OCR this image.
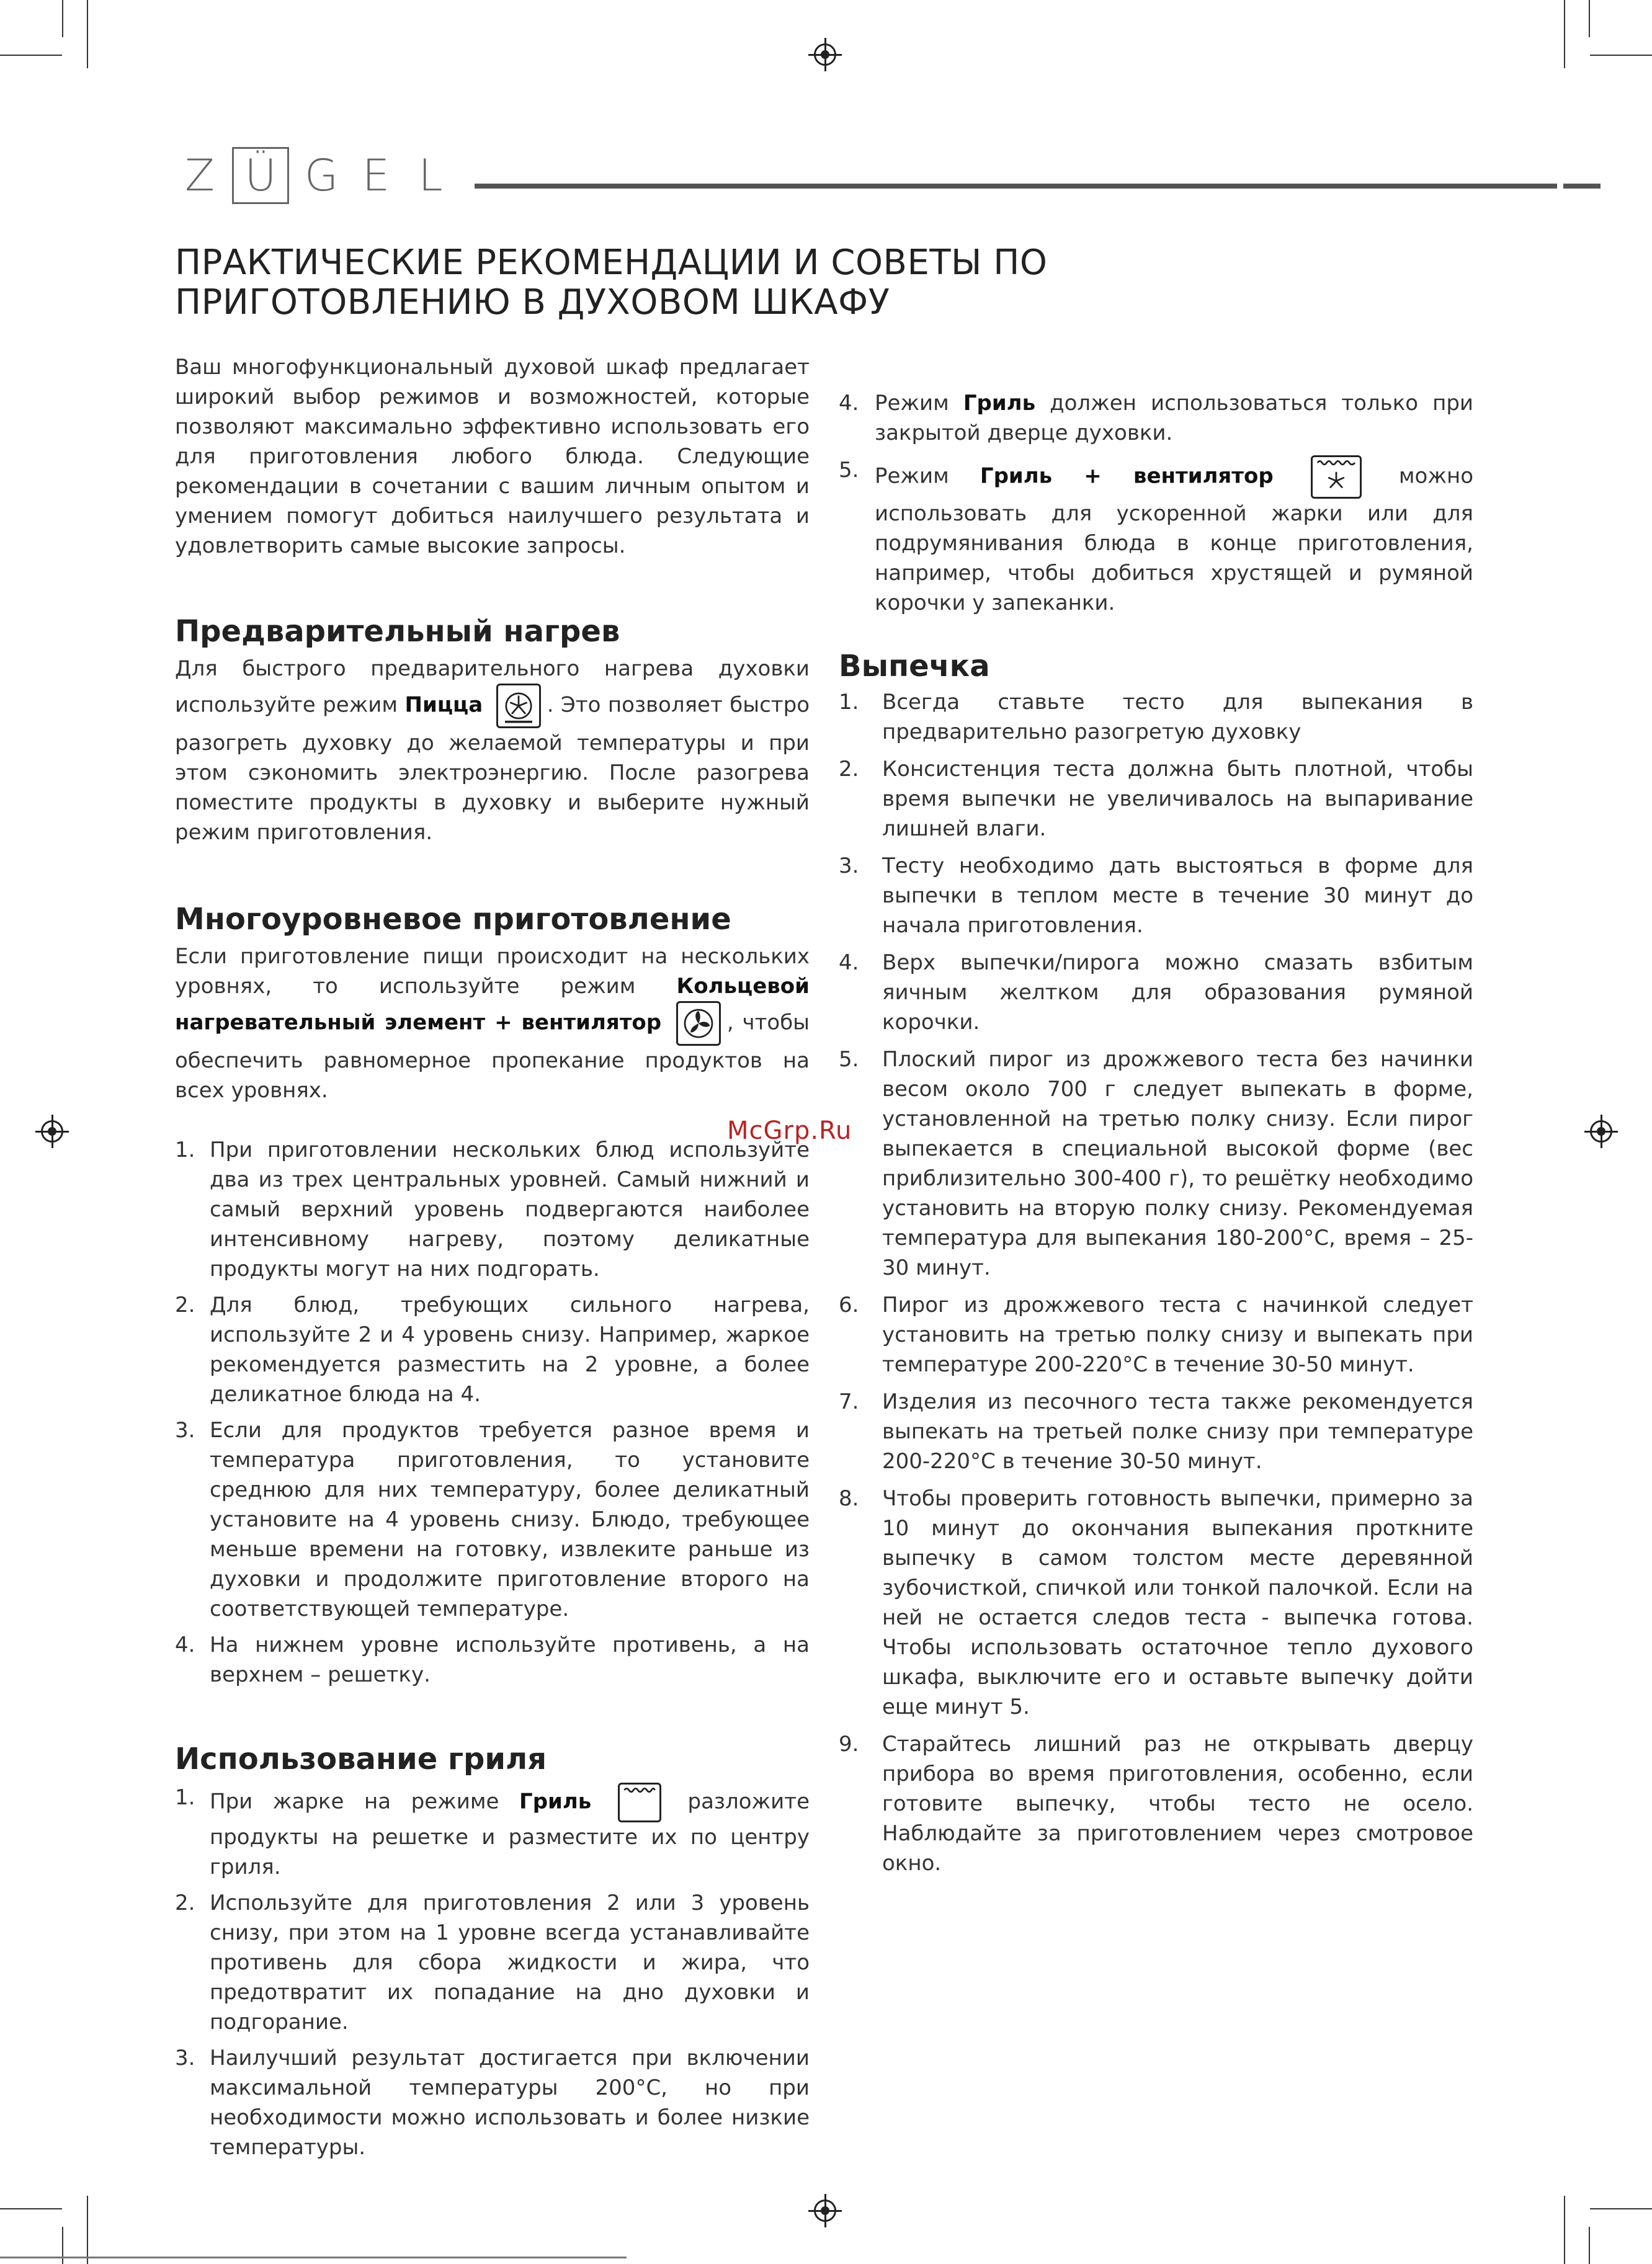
Z Ü G E L
ПРАКТИЧЕСКИЕ РЕКОМЕНДАЦИИ И СОВЕТЫ ПО
ПРИГОТОВЛЕНИЮ В ДУХОВОМ ШКАФУ

Ваш многофункциональный духовой шкаф предлагает широкий выбор режимов и возможностей, которые позволяют максимально эффективно использовать его для приготовления любого блюда. Следующие рекомендации в сочетании с вашим личным опытом и умением помогут добиться наилучшего результата и удовлетворить самые высокие запросы.

Предварительный нагрев

Для быстрого предварительного нагрева духовки используйте режим Пицца	. Это позволяет быстро разогреть духовку до желаемой температуры и при этом сэкономить электроэнергию. После разогрева поместите продукты в духовку и выберите нужный режим приготовления.

Многоуровневое приготовление

Если приготовление пищи происходит на нескольких уровнях, то используйте режим Кольцевой нагревательный элемент + вентилятор	, чтобы обеспечить равномерное пропекание продуктов на всех уровнях.

1. При приготовлении нескольких блюд используйте два из трех центральных уровней. Самый нижний и самый верхний уровень подвергаются наиболее интенсивному нагреву, поэтому деликатные продукты могут на них подгорать.
2. Для блюд, требующих сильного нагрева, используйте 2 и 4 уровень снизу. Например, жаркое рекомендуется разместить на 2 уровне, а более деликатное блюда на 4.
3. Если для продуктов требуется разное время и температура приготовления, то установите среднюю для них температуру, более деликатный установите на 4 уровень снизу. Блюдо, требующее меньше времени на готовку, извлеките раньше из духовки и продолжите приготовление второго на соответствующей температуре.
4. На нижнем уровне используйте противень, а на верхнем – решетку.
Использование гриля
1. При жарке на режиме Гриль	разложите продукты на решетке и разместите их по центру гриля.
2. Используйте для приготовления 2 или 3 уровень снизу, при этом на 1 уровне всегда устанавливайте противень для сбора жидкости и жира, что предотвратит их попадание на дно духовки и подгорание.
3. Наилучший результат достигается при включении максимальной температуры 200°С, но при необходимости можно использовать и более низкие температуры.
4. Режим Гриль должен использоваться только при закрытой дверце духовки.
5. Режим Гриль + вентилятор	можно использовать для ускоренной жарки или для подрумянивания блюда в конце приготовления, например, чтобы добиться хрустящей и румяной корочки у запеканки.
Выпечка
1. Всегда ставьте тесто для выпекания в предварительно разогретую духовку
2. Консистенция теста должна быть плотной, чтобы время выпечки не увеличивалось на выпаривание лишней влаги.
3. Тесту необходимо дать выстояться в форме для выпечки в теплом месте в течение 30 минут до начала приготовления.
4. Верх выпечки/пирога можно смазать взбитым яичным желтком для образования румяной корочки.
5. Плоский пирог из дрожжевого теста без начинки весом около 700 г следует выпекать в форме, установленной на третью полку снизу. Если пирог выпекается в специальной высокой форме (вес приблизительно 300-400 г), то решётку необходимо установить на вторую полку снизу. Рекомендуемая температура для выпекания 180-200°С, время – 25-30 минут.
6. Пирог из дрожжевого теста с начинкой следует установить на третью полку снизу и выпекать при температуре 200-220°С в течение 30-50 минут.
7. Изделия из песочного теста также рекомендуется выпекать на третьей полке снизу при температуре 200-220°С в течение 30-50 минут.
8. Чтобы проверить готовность выпечки, примерно за 10 минут до окончания выпекания проткните выпечку в самом толстом месте деревянной зубочисткой, спичкой или тонкой палочкой. Если на ней не остается следов теста - выпечка готова. Чтобы использовать остаточное тепло духового шкафа, выключите его и оставьте выпечку дойти еще минут 5.
9. Старайтесь лишний раз не открывать дверцу прибора во время приготовления, особенно, если готовите выпечку, чтобы тесто не осело. Наблюдайте за приготовлением через смотровое окно.
McGrp.Ru
